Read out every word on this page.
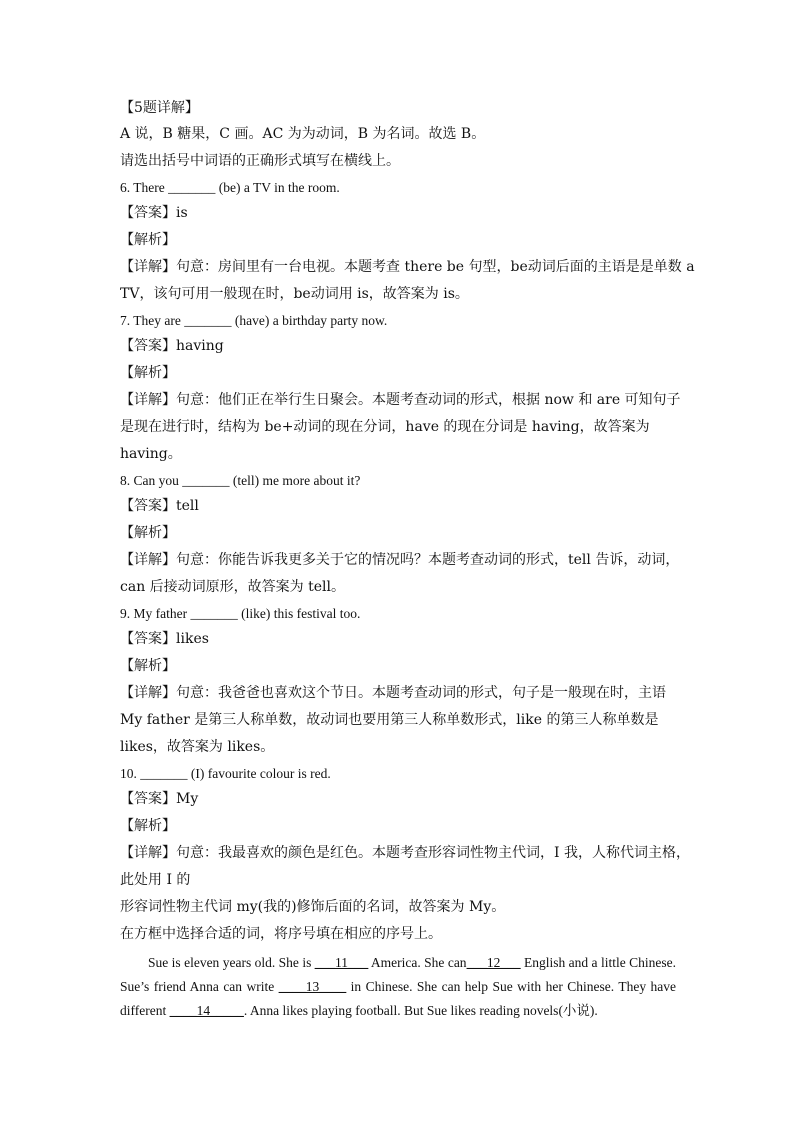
【5题详解】
A 说，B 糖果，C 画。AC 为为动词，B 为名词。故选 B。
请选出括号中词语的正确形式填写在横线上。
6. There _______ (be) a TV in the room.
【答案】is
【解析】
【详解】句意：房间里有一台电视。本题考查 there be 句型，be动词后面的主语是是单数 a
TV，该句可用一般现在时，be动词用 is，故答案为 is。
7. They are _______ (have) a birthday party now.
【答案】having
【解析】
【详解】句意：他们正在举行生日聚会。本题考查动词的形式，根据 now 和 are 可知句子
是现在进行时，结构为 be+动词的现在分词，have 的现在分词是 having，故答案为
having。
8. Can you _______ (tell) me more about it?
【答案】tell
【解析】
【详解】句意：你能告诉我更多关于它的情况吗？本题考查动词的形式，tell 告诉，动词，
can 后接动词原形，故答案为 tell。
9. My father _______ (like) this festival too.
【答案】likes
【解析】
【详解】句意：我爸爸也喜欢这个节日。本题考查动词的形式，句子是一般现在时，主语
My father 是第三人称单数，故动词也要用第三人称单数形式，like 的第三人称单数是
likes，故答案为 likes。
10. _______ (I) favourite colour is red.
【答案】My
【解析】
【详解】句意：我最喜欢的颜色是红色。本题考查形容词性物主代词，I 我，人称代词主格，
此处用 I 的
形容词性物主代词 my(我的)修饰后面的名词，故答案为 My。
在方框中选择合适的词，将序号填在相应的序号上。
Sue is eleven years old. She is ___11___ America. She can___12___ English and a little Chinese. Sue’s friend Anna can write ____13____ in Chinese. She can help Sue with her Chinese. They have different ____14_____. Anna likes playing football. But Sue likes reading novels(小说).
